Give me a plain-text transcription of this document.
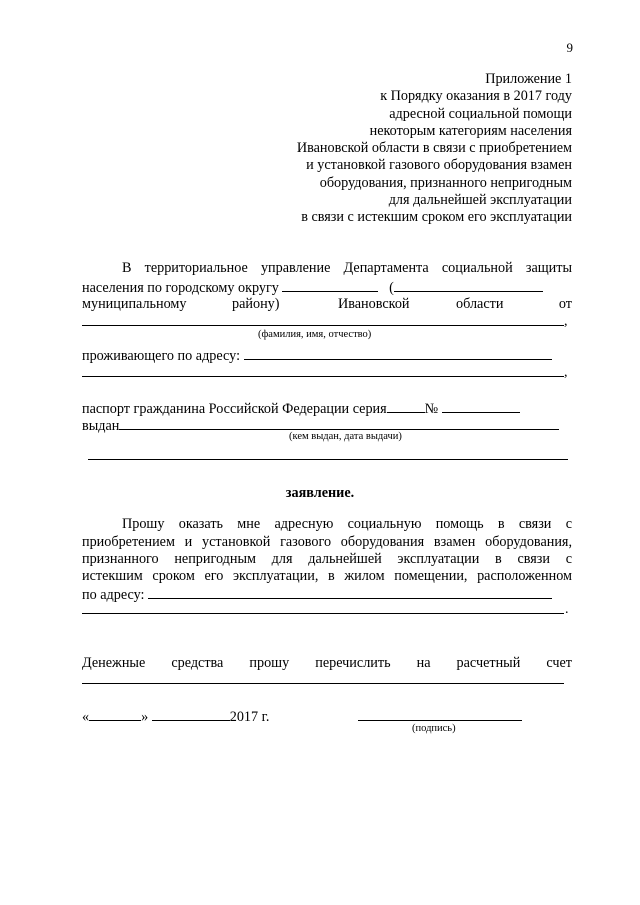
9
Приложение 1
к Порядку оказания в 2017 году
адресной социальной помощи
некоторым категориям населения
Ивановской области в связи с приобретением
и установкой газового оборудования взамен
оборудования, признанного непригодным
для дальнейшей эксплуатации
в связи с истекшим сроком его эксплуатации
В территориальное управление Департамента социальной защиты
населения по городскому округу	(
муниципальному	району)	Ивановской	области	от
,
(фамилия, имя, отчество)
проживающего по адресу:
,
паспорт гражданина Российской Федерации серия	№
выдан
(кем выдан, дата выдачи)
заявление.
Прошу оказать мне адресную социальную помощь в связи с
приобретением и установкой газового оборудования взамен оборудования,
признанного непригодным для дальнейшей эксплуатации в связи с
истекшим сроком его эксплуатации, в жилом помещении, расположенном
по адресу:
.
Денежные средства прошу перечислить на расчетный счет
«	»	2017 г.
(подпись)
